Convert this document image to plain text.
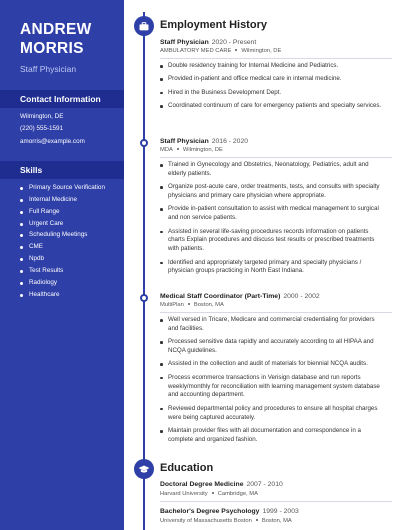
ANDREW
MORRIS
Staff Physician
Contact Information
Wilmington, DE
(220) 555-1591
amorris@example.com
Skills
Primary Source Verification
Internal Medicine
Full Range
Urgent Care
Scheduling Meetings
CME
Npdb
Test Results
Radiology
Healthcare
Employment History
Staff Physician 2020 - Present
AMBULATORY MED CARE Wilmington, DE
Double residency training for Internal Medicine and Pediatrics.
Provided in-patient and office medical care in internal medicine.
Hired in the Business Development Dept.
Coordinated continuum of care for emergency patients and specialty services.
Staff Physician 2016 - 2020
MDA Wilmington, DE
Trained in Gynecology and Obstetrics, Neonatology, Pediatrics, adult and elderly patients.
Organize post-acute care, order treatments, tests, and consults with specialty physicians and primary care physician where appropriate.
Provide in-patient consultation to assist with medical management to surgical and non service patients.
Assisted in several life-saving procedures records information on patients charts Explain procedures and discuss test results or prescribed treatments with patients.
Identified and appropriately targeted primary and specialty physicians / physician groups practicing in North East Indiana.
Medical Staff Coordinator (Part-Time) 2000 - 2002
MultiPlan Boston, MA
Well versed in Tricare, Medicare and commercial credentialing for providers and facilities.
Processed sensitive data rapidly and accurately according to all HIPAA and NCQA guidelines.
Assisted in the collection and audit of materials for biennial NCQA audits.
Process ecommerce transactions in Verisign database and run reports weekly/monthly for reconciliation with learning management system database and accounting department.
Reviewed departmental policy and procedures to ensure all hospital charges were being captured accurately.
Maintain provider files with all documentation and correspondence in a complete and organized fashion.
Education
Doctoral Degree Medicine 2007 - 2010
Harvard University Cambridge, MA
Bachelor's Degree Psychology 1999 - 2003
University of Massachusetts Boston Boston, MA
